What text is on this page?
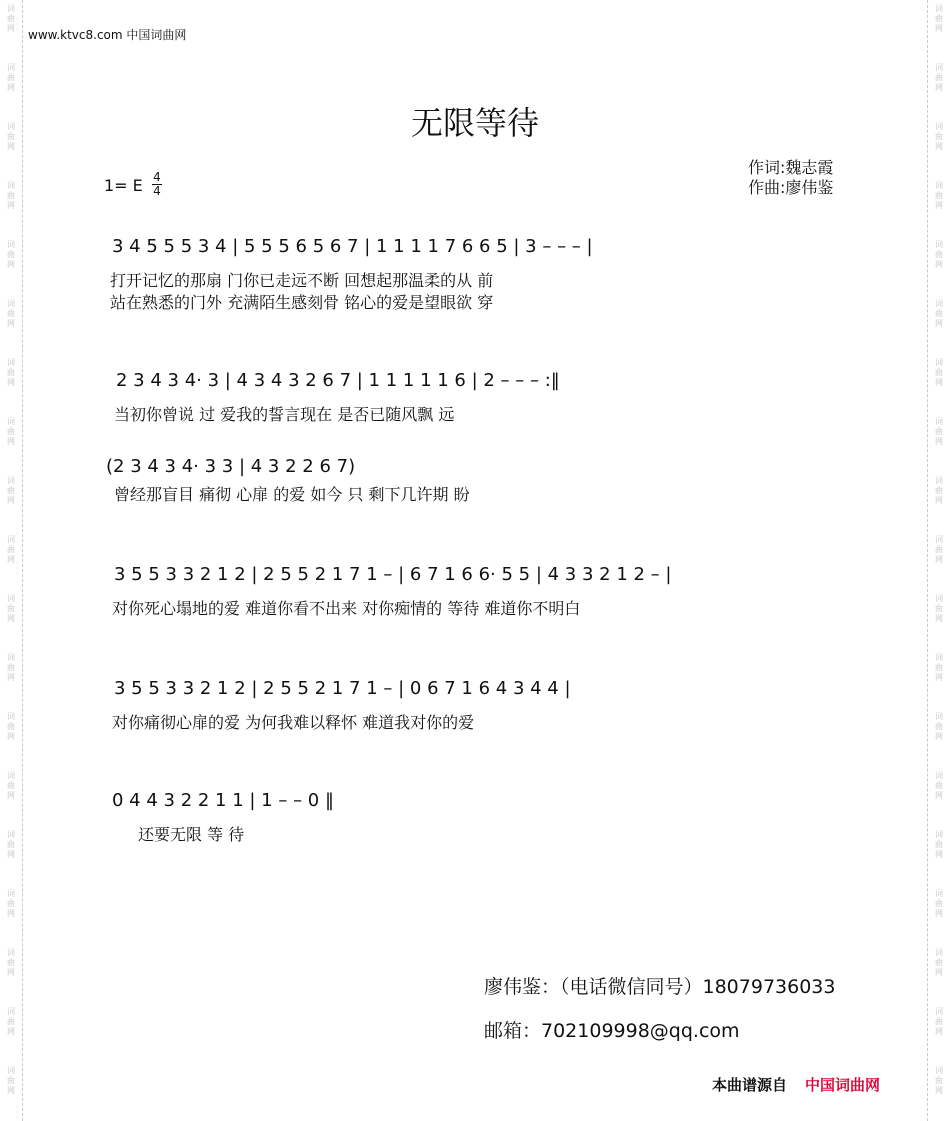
词
曲
网
词
曲
网
词
曲
网
词
曲
网
词
曲
网
词
曲
网
词
曲
网
词
曲
网
词
曲
网
词
曲
网
词
曲
网
词
曲
网
词
曲
网
词
曲
网
词
曲
网
词
曲
网
词
曲
网
词
曲
网
词
曲
网
词
曲
网
词
曲
网
词
曲
网
词
曲
网
词
曲
网
词
曲
网
词
曲
网
词
曲
网
词
曲
网
词
曲
网
词
曲
网
词
曲
网
词
曲
网
词
曲
网
词
曲
网
词
曲
网
词
曲
网
词
曲
网
词
曲
网
www.ktvc8.com 中国词曲网
无限等待
1= E 4
4
作词:魏志霞
作曲:廖伟鉴
3 4 5 5 5 3 4 | 5 5 5 6 5 6 7 | 1 1 1 1 7 6 6 5 | 3 – – – |
打开记忆的那扇 门你已走远不断 回想起那温柔的从 前
站在熟悉的门外 充满陌生感刻骨 铭心的爱是望眼欲 穿
2 3 4 3 4· 3 | 4 3 4 3 2 6 7 | 1 1 1 1 1 6 | 2 – – – :‖
当初你曾说 过 爱我的誓言现在 是否已随风飘 远
(2 3 4 3 4· 3 3 | 4 3 2 2 6 7)
曾经那盲目 痛彻 心扉 的爱 如今 只 剩下几许期 盼
3 5 5 3 3 2 1 2 | 2 5 5 2 1 7 1 – | 6 7 1 6 6· 5 5 | 4 3 3 2 1 2 – |
对你死心塌地的爱 难道你看不出来 对你痴情的 等待 难道你不明白
3 5 5 3 3 2 1 2 | 2 5 5 2 1 7 1 – | 0 6 7 1 6 4 3 4 4 |
对你痛彻心扉的爱 为何我难以释怀 难道我对你的爱
0 4 4 3 2 2 1 1 | 1 – – 0 ‖
还要无限 等 待
廖伟鉴：（电话微信同号）18079736033
邮箱：702109998@qq.com
本曲谱源自 中国词曲网
